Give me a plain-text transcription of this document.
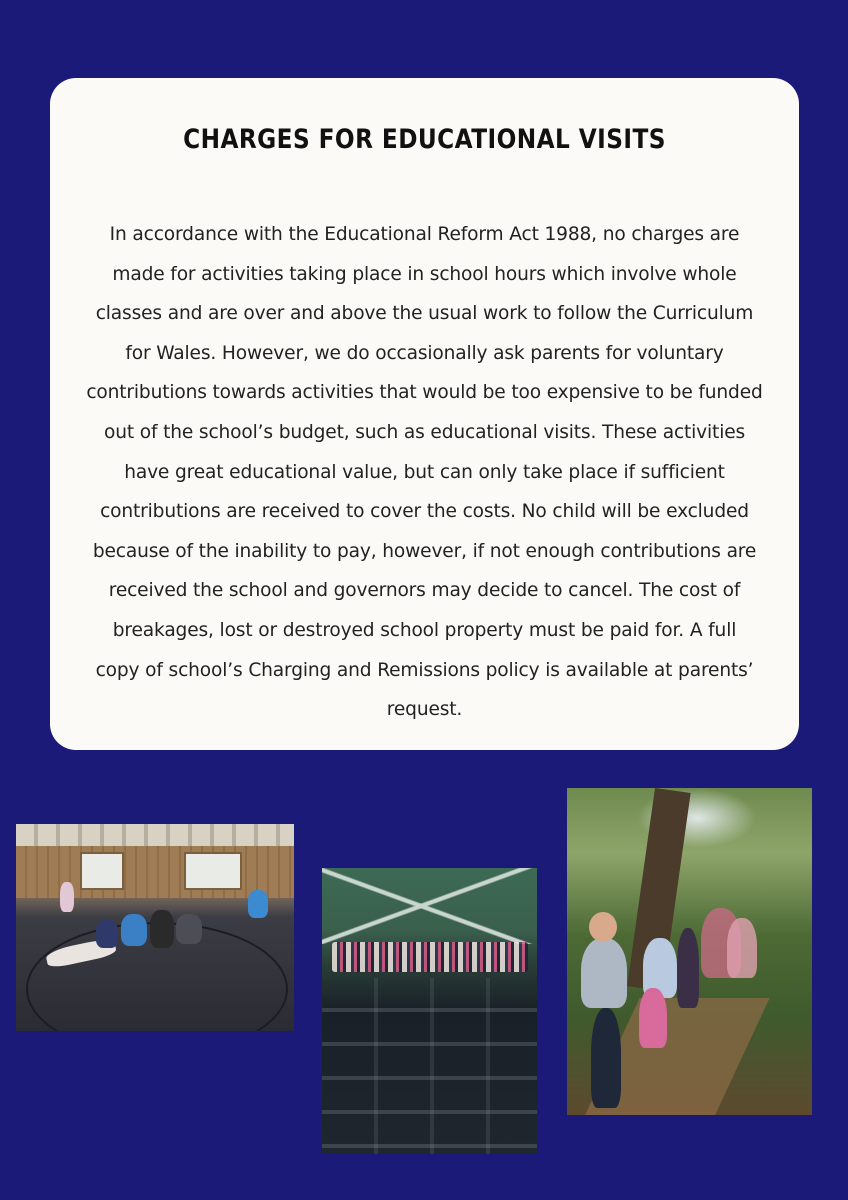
CHARGES FOR EDUCATIONAL VISITS
In accordance with the Educational Reform Act 1988, no charges are
made for activities taking place in school hours which involve whole
classes and are over and above the usual work to follow the Curriculum
for Wales. However, we do occasionally ask parents for voluntary
contributions towards activities that would be too expensive to be funded
out of the school’s budget, such as educational visits. These activities
have great educational value, but can only take place if sufficient
contributions are received to cover the costs. No child will be excluded
because of the inability to pay, however, if not enough contributions are
received the school and governors may decide to cancel. The cost of
breakages, lost or destroyed school property must be paid for. A full
copy of school’s Charging and Remissions policy is available at parents’
request.
